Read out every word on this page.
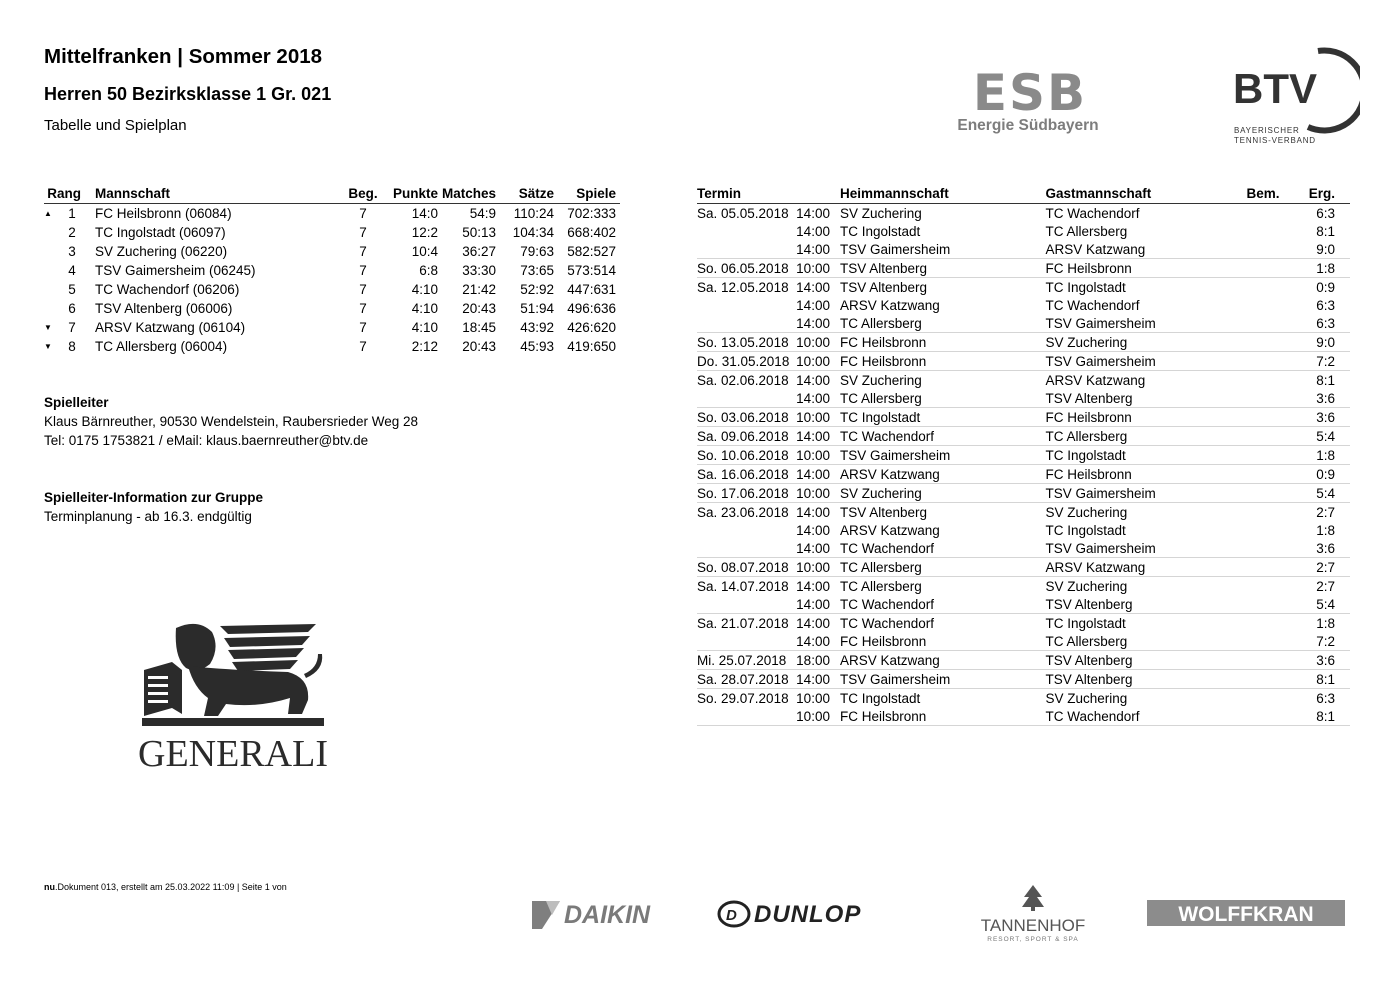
Mittelfranken | Sommer 2018
Herren 50 Bezirksklasse 1 Gr. 021
Tabelle und Spielplan
ESB
Energie Südbayern
BTV
BAYERISCHER
TENNIS-VERBAND
Rang		Mannschaft	Beg.	Punkte	Matches	Sätze	Spiele
▲	1	FC Heilsbronn (06084)	7	14:0	54:9	110:24	702:333
	2	TC Ingolstadt (06097)	7	12:2	50:13	104:34	668:402
	3	SV Zuchering (06220)	7	10:4	36:27	79:63	582:527
	4	TSV Gaimersheim (06245)	7	6:8	33:30	73:65	573:514
	5	TC Wachendorf (06206)	7	4:10	21:42	52:92	447:631
	6	TSV Altenberg (06006)	7	4:10	20:43	51:94	496:636
▼	7	ARSV Katzwang (06104)	7	4:10	18:45	43:92	426:620
▼	8	TC Allersberg (06004)	7	2:12	20:43	45:93	419:650
Spielleiter
Klaus Bärnreuther, 90530 Wendelstein, Raubersrieder Weg 28
Tel: 0175 1753821 / eMail: klaus.baernreuther@btv.de
Spielleiter-Information zur Gruppe
Terminplanung - ab 16.3. endgültig
GENERALI
Termin		Heimmannschaft	Gastmannschaft	Bem.	Erg.
Sa. 05.05.2018	14:00	SV Zuchering	TC Wachendorf		6:3
	14:00	TC Ingolstadt	TC Allersberg		8:1
	14:00	TSV Gaimersheim	ARSV Katzwang		9:0
So. 06.05.2018	10:00	TSV Altenberg	FC Heilsbronn		1:8
Sa. 12.05.2018	14:00	TSV Altenberg	TC Ingolstadt		0:9
	14:00	ARSV Katzwang	TC Wachendorf		6:3
	14:00	TC Allersberg	TSV Gaimersheim		6:3
So. 13.05.2018	10:00	FC Heilsbronn	SV Zuchering		9:0
Do. 31.05.2018	10:00	FC Heilsbronn	TSV Gaimersheim		7:2
Sa. 02.06.2018	14:00	SV Zuchering	ARSV Katzwang		8:1
	14:00	TC Allersberg	TSV Altenberg		3:6
So. 03.06.2018	10:00	TC Ingolstadt	FC Heilsbronn		3:6
Sa. 09.06.2018	14:00	TC Wachendorf	TC Allersberg		5:4
So. 10.06.2018	10:00	TSV Gaimersheim	TC Ingolstadt		1:8
Sa. 16.06.2018	14:00	ARSV Katzwang	FC Heilsbronn		0:9
So. 17.06.2018	10:00	SV Zuchering	TSV Gaimersheim		5:4
Sa. 23.06.2018	14:00	TSV Altenberg	SV Zuchering		2:7
	14:00	ARSV Katzwang	TC Ingolstadt		1:8
	14:00	TC Wachendorf	TSV Gaimersheim		3:6
So. 08.07.2018	10:00	TC Allersberg	ARSV Katzwang		2:7
Sa. 14.07.2018	14:00	TC Allersberg	SV Zuchering		2:7
	14:00	TC Wachendorf	TSV Altenberg		5:4
Sa. 21.07.2018	14:00	TC Wachendorf	TC Ingolstadt		1:8
	14:00	FC Heilsbronn	TC Allersberg		7:2
Mi. 25.07.2018	18:00	ARSV Katzwang	TSV Altenberg		3:6
Sa. 28.07.2018	14:00	TSV Gaimersheim	TSV Altenberg		8:1
So. 29.07.2018	10:00	TC Ingolstadt	SV Zuchering		6:3
	10:00	FC Heilsbronn	TC Wachendorf		8:1
nu.Dokument 013, erstellt am 25.03.2022 11:09 | Seite 1 von
DAIKIN	D DUNLOP	TANNENHOF
RESORT, SPORT & SPA
WOLFFKRAN
